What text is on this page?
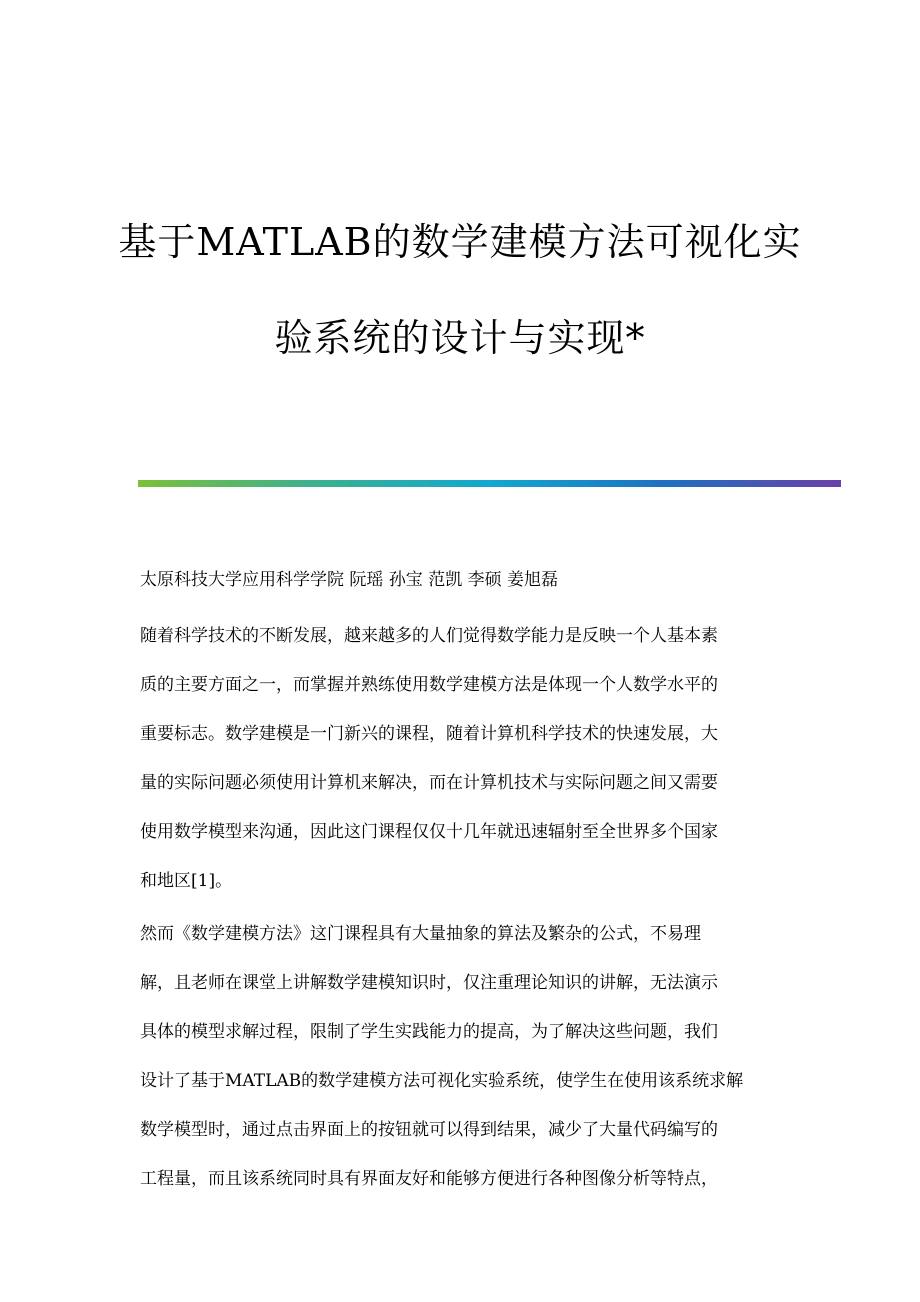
基于MATLAB的数学建模方法可视化实
验系统的设计与实现*
太原科技大学应用科学学院 阮瑶 孙宝 范凯 李硕 姜旭磊
随着科学技术的不断发展，越来越多的人们觉得数学能力是反映一个人基本素
质的主要方面之一，而掌握并熟练使用数学建模方法是体现一个人数学水平的
重要标志。数学建模是一门新兴的课程，随着计算机科学技术的快速发展，大
量的实际问题必须使用计算机来解决，而在计算机技术与实际问题之间又需要
使用数学模型来沟通，因此这门课程仅仅十几年就迅速辐射至全世界多个国家
和地区[1]。
然而《数学建模方法》这门课程具有大量抽象的算法及繁杂的公式，不易理
解，且老师在课堂上讲解数学建模知识时，仅注重理论知识的讲解，无法演示
具体的模型求解过程，限制了学生实践能力的提高，为了解决这些问题，我们
设计了基于MATLAB的数学建模方法可视化实验系统，使学生在使用该系统求解
数学模型时，通过点击界面上的按钮就可以得到结果，减少了大量代码编写的
工程量，而且该系统同时具有界面友好和能够方便进行各种图像分析等特点，
